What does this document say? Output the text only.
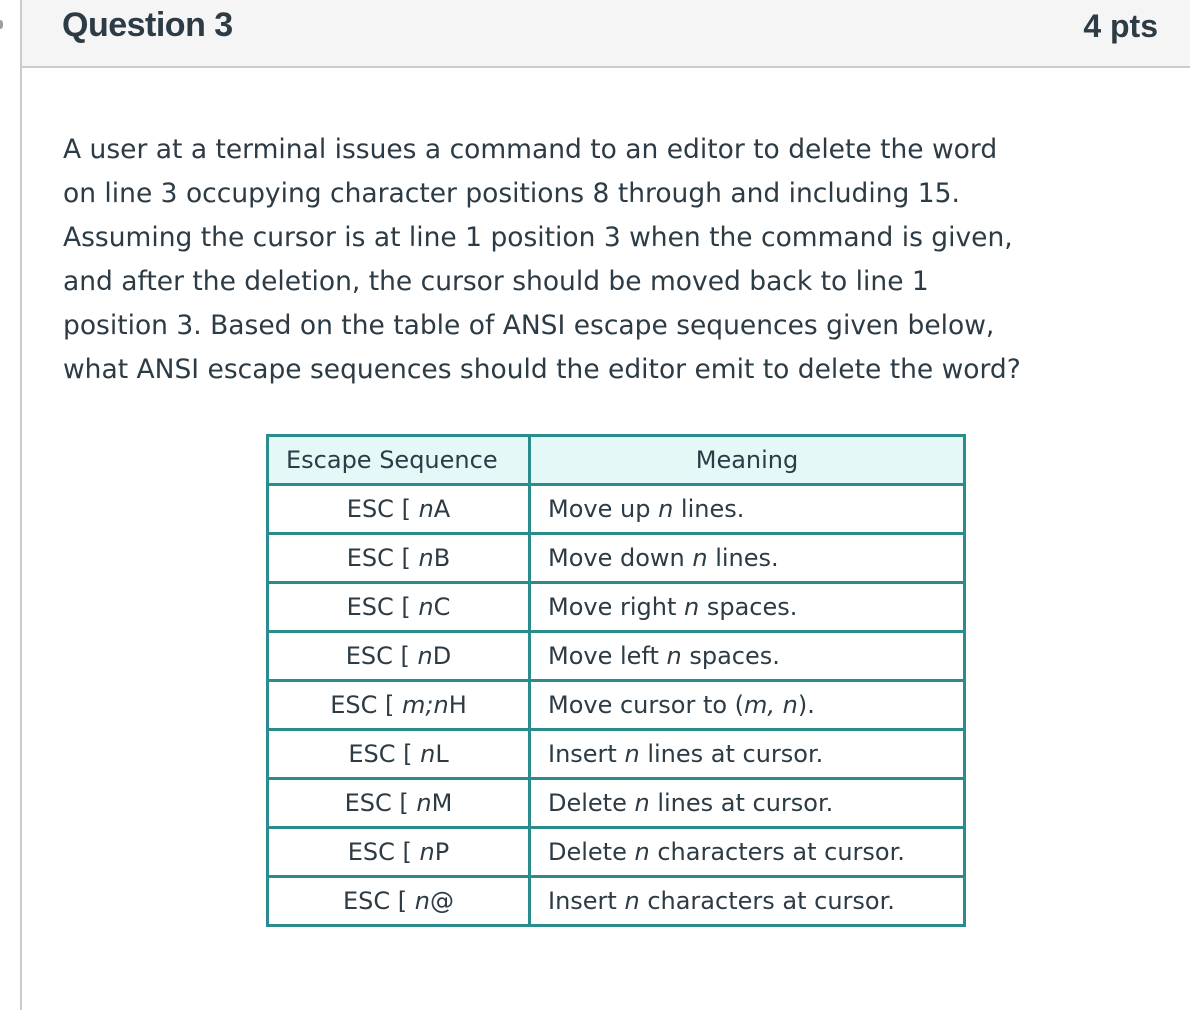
Question 3	4 pts

A user at a terminal issues a command to an editor to delete the word
on line 3 occupying character positions 8 through and including 15.
Assuming the cursor is at line 1 position 3 when the command is given,
and after the deletion, the cursor should be moved back to line 1
position 3. Based on the table of ANSI escape sequences given below,
what ANSI escape sequences should the editor emit to delete the word?

Escape Sequence	Meaning
ESC [ nA	Move up n lines.
ESC [ nB	Move down n lines.
ESC [ nC	Move right n spaces.
ESC [ nD	Move left n spaces.
ESC [ m;nH	Move cursor to (m, n).
ESC [ nL	Insert n lines at cursor.
ESC [ nM	Delete n lines at cursor.
ESC [ nP	Delete n characters at cursor.
ESC [ n@	Insert n characters at cursor.
